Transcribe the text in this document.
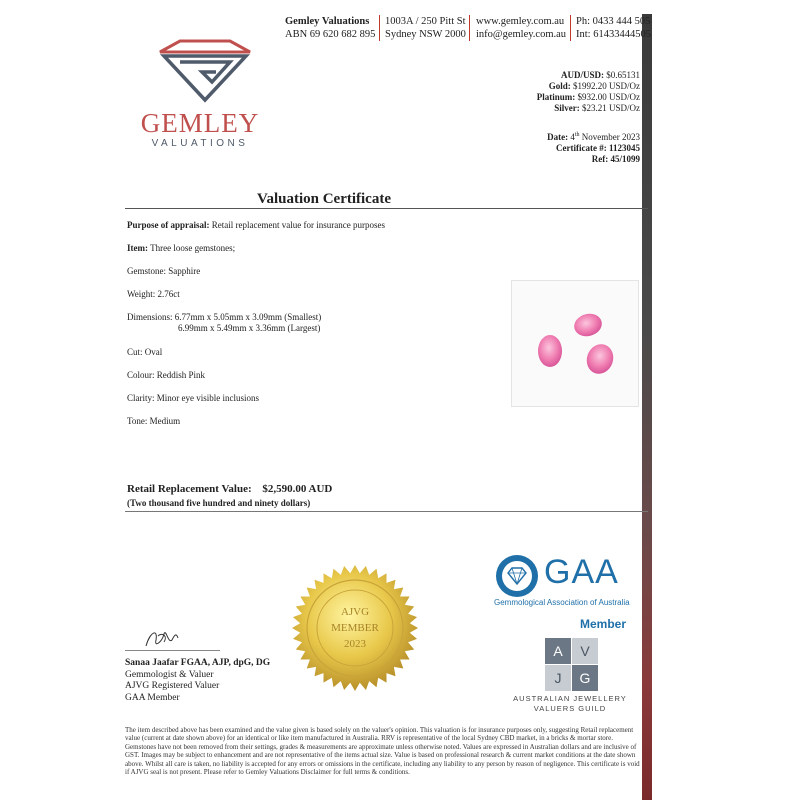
GEMLEY
VALUATIONS
Gemley Valuations
ABN 69 620 682 895
1003A / 250 Pitt St
Sydney NSW 2000
www.gemley.com.au
info@gemley.com.au
Ph: 0433 444 505
Int: 61433444505
AUD/USD: $0.65131
Gold: $1992.20 USD/Oz
Platinum: $932.00 USD/Oz
Silver: $23.21 USD/Oz
Date: 4th November 2023
Certificate #: 1123045
Ref: 45/1099
Valuation Certificate
Purpose of appraisal: Retail replacement value for insurance purposes
Item: Three loose gemstones;
Gemstone: Sapphire
Weight: 2.76ct
Dimensions: 6.77mm x 5.05mm x 3.09mm (Smallest)
6.99mm x 5.49mm x 3.36mm (Largest)
Cut: Oval
Colour: Reddish Pink
Clarity: Minor eye visible inclusions
Tone: Medium
Retail Replacement Value: $2,590.00 AUD
(Two thousand five hundred and ninety dollars)
AJVG
MEMBER
2023
Sanaa Jaafar FGAA, AJP, dpG, DG
Gemmologist & Valuer
AJVG Registered Valuer
GAA Member
GAA
Gemmological Association of Australia
Member
A	V
J	G
AUSTRALIAN JEWELLERY
VALUERS GUILD
The item described above has been examined and the value given is based solely on the valuer's opinion. This valuation is for insurance purposes only, suggesting Retail replacement value (current at date shown above) for an identical or like item manufactured in Australia. RRV is representative of the local Sydney CBD market, in a bricks & mortar store. Gemstones have not been removed from their settings, grades & measurements are approximate unless otherwise noted. Values are expressed in Australian dollars and are inclusive of GST. Images may be subject to enhancement and are not representative of the items actual size. Value is based on professional research & current market conditions at the date shown above. Whilst all care is taken, no liability is accepted for any errors or omissions in the certificate, including any liability to any person by reason of negligence. This certificate is void if AJVG seal is not present. Please refer to Gemley Valuations Disclaimer for full terms & conditions.
